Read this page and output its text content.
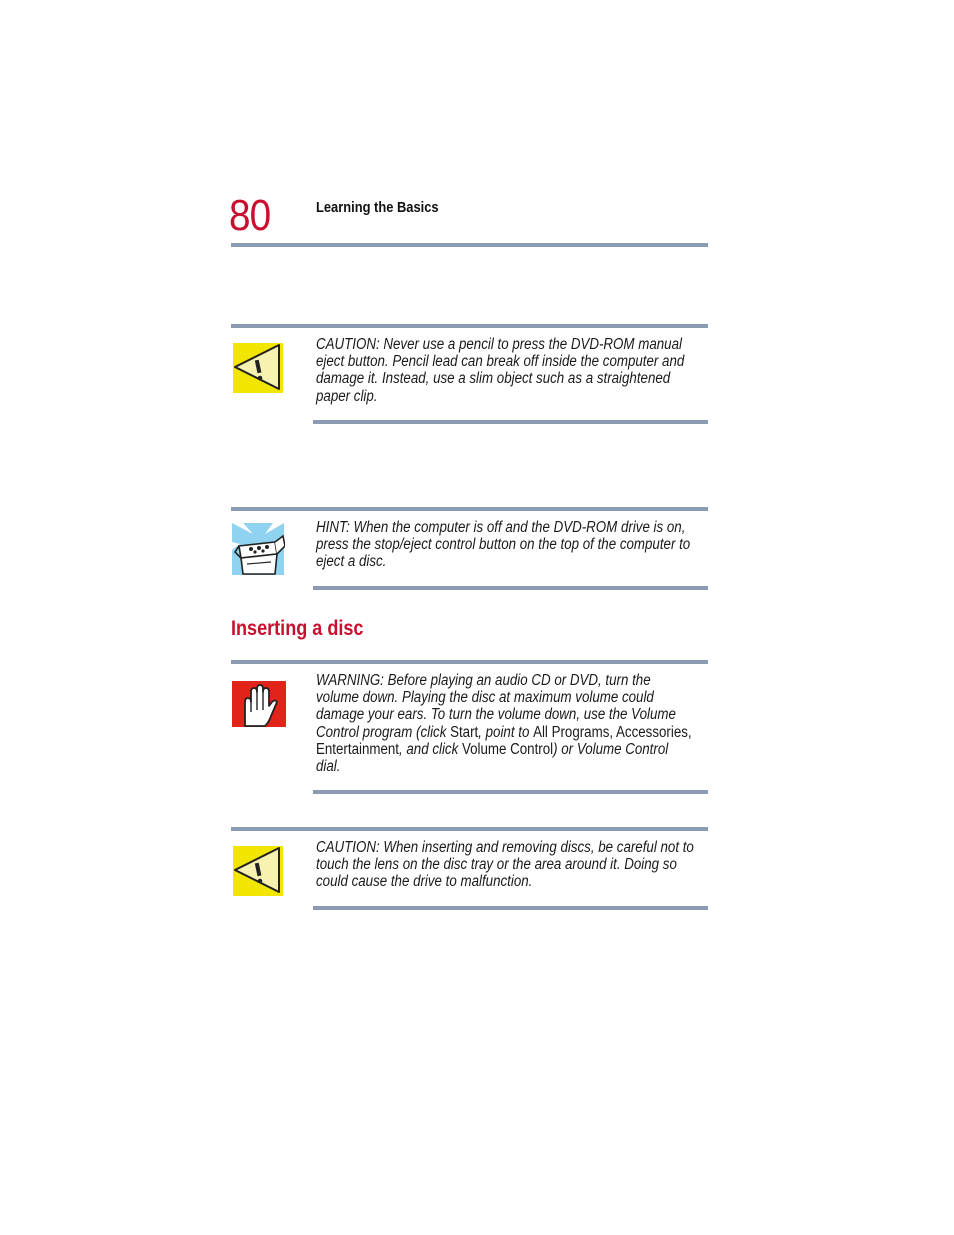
80	Learning the Basics
CAUTION: Never use a pencil to press the DVD-ROM manual eject button. Pencil lead can break off inside the computer and damage it. Instead, use a slim object such as a straightened paper clip.
HINT: When the computer is off and the DVD-ROM drive is on, press the stop/eject control button on the top of the computer to eject a disc.
Inserting a disc
WARNING: Before playing an audio CD or DVD, turn the volume down. Playing the disc at maximum volume could damage your ears. To turn the volume down, use the Volume Control program (click Start, point to All Programs, Accessories, Entertainment, and click Volume Control) or Volume Control dial.
CAUTION: When inserting and removing discs, be careful not to touch the lens on the disc tray or the area around it. Doing so could cause the drive to malfunction.
